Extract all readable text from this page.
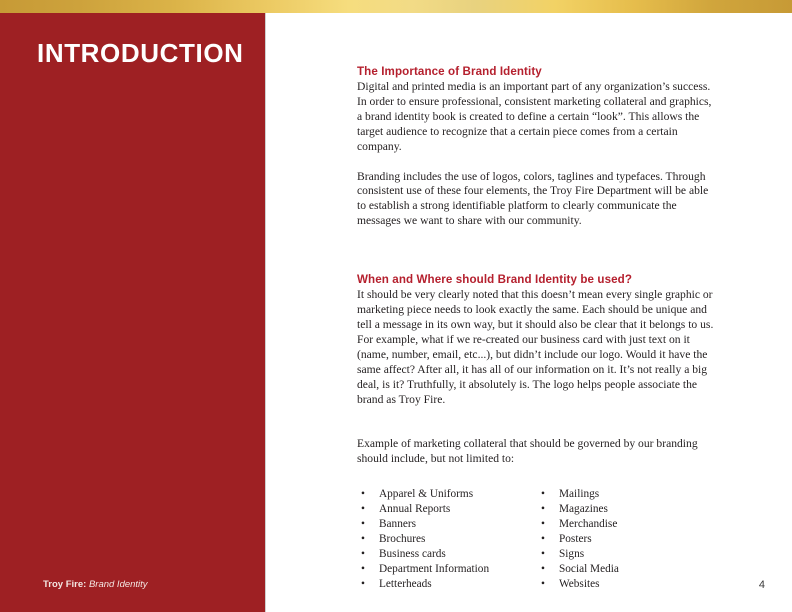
INTRODUCTION
Troy Fire: Brand Identity
The Importance of Brand Identity

Digital and printed media is an important part of any organization’s success. In order to ensure professional, consistent marketing collateral and graphics, a brand identity book is created to define a certain “look”. This allows the target audience to recognize that a certain piece comes from a certain company.

Branding includes the use of logos, colors, taglines and typefaces. Through consistent use of these four elements, the Troy Fire Department will be able to establish a strong identifiable platform to clearly communicate the messages we want to share with our community.

When and Where should Brand Identity be used?

It should be very clearly noted that this doesn’t mean every single graphic or marketing piece needs to look exactly the same. Each should be unique and tell a message in its own way, but it should also be clear that it belongs to us. For example, what if we re-created our business card with just text on it (name, number, email, etc...), but didn’t include our logo. Would it have the same affect? After all, it has all of our information on it. It’s not really a big deal, is it? Truthfully, it absolutely is. The logo helps people associate the brand as Troy Fire.

Example of marketing collateral that should be governed by our branding should include, but not limited to:

• Apparel & Uniforms
• Annual Reports
• Banners
• Brochures
• Business cards
• Department Information
• Letterheads
• Mailings
• Magazines
• Merchandise
• Posters
• Signs
• Social Media
• Websites	4
